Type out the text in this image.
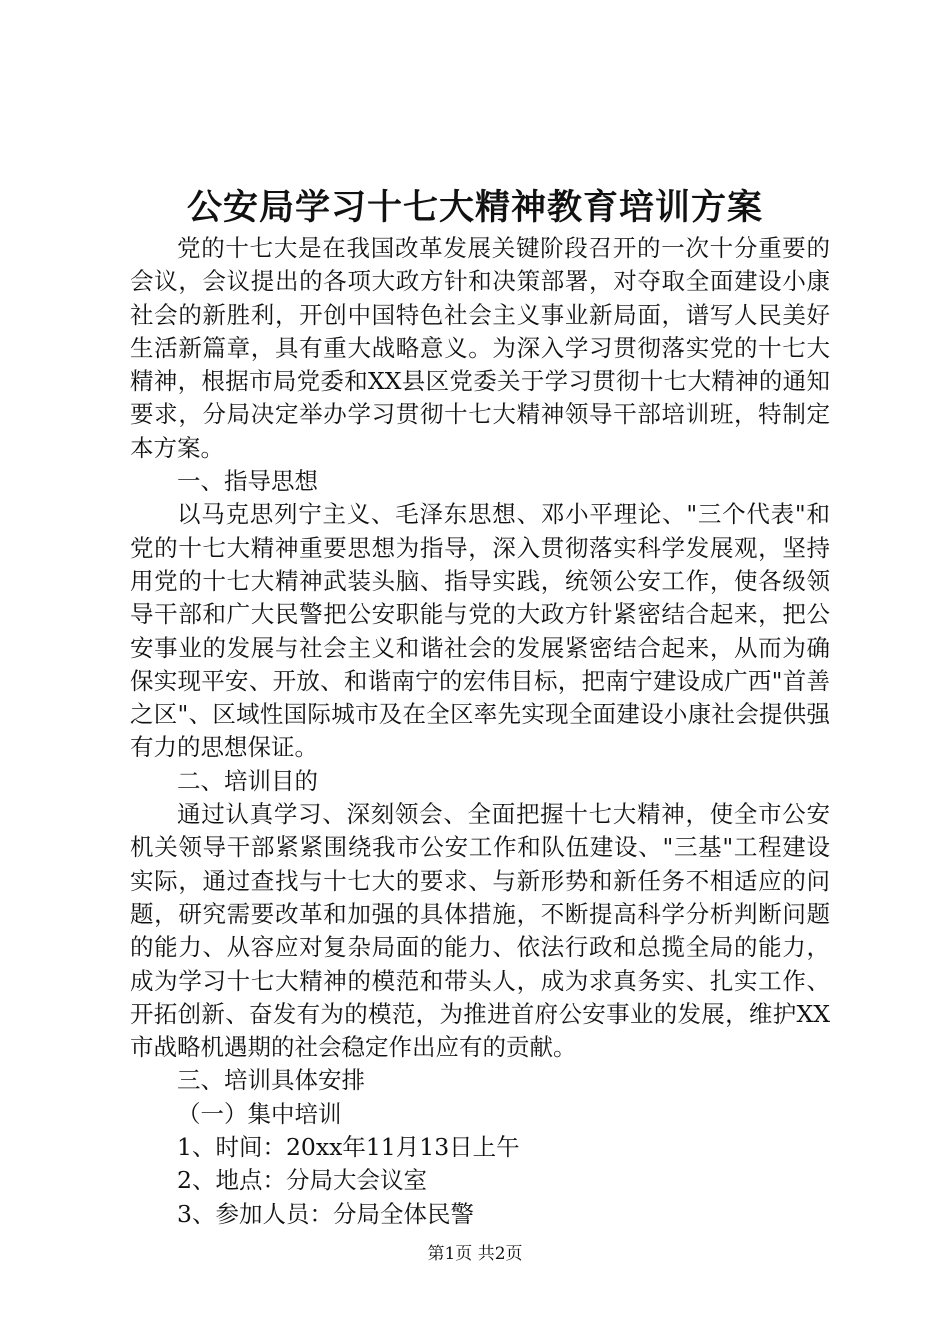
公安局学习十七大精神教育培训方案

党的十七大是在我国改革发展关键阶段召开的一次十分重要的会议，会议提出的各项大政方针和决策部署，对夺取全面建设小康社会的新胜利，开创中国特色社会主义事业新局面，谱写人民美好生活新篇章，具有重大战略意义。为深入学习贯彻落实党的十七大精神，根据市局党委和XX县区党委关于学习贯彻十七大精神的通知要求，分局决定举办学习贯彻十七大精神领导干部培训班，特制定本方案。

一、指导思想

以马克思列宁主义、毛泽东思想、邓小平理论、"三个代表"和党的十七大精神重要思想为指导，深入贯彻落实科学发展观，坚持用党的十七大精神武装头脑、指导实践，统领公安工作，使各级领导干部和广大民警把公安职能与党的大政方针紧密结合起来，把公安事业的发展与社会主义和谐社会的发展紧密结合起来，从而为确保实现平安、开放、和谐南宁的宏伟目标，把南宁建设成广西"首善之区"、区域性国际城市及在全区率先实现全面建设小康社会提供强有力的思想保证。

二、培训目的

通过认真学习、深刻领会、全面把握十七大精神，使全市公安机关领导干部紧紧围绕我市公安工作和队伍建设、"三基"工程建设实际，通过查找与十七大的要求、与新形势和新任务不相适应的问题，研究需要改革和加强的具体措施，不断提高科学分析判断问题的能力、从容应对复杂局面的能力、依法行政和总揽全局的能力，成为学习十七大精神的模范和带头人，成为求真务实、扎实工作、开拓创新、奋发有为的模范，为推进首府公安事业的发展，维护XX市战略机遇期的社会稳定作出应有的贡献。

三、培训具体安排

（一）集中培训

1、时间：20xx年11月13日上午

2、地点：分局大会议室

3、参加人员：分局全体民警

第1页 共2页
